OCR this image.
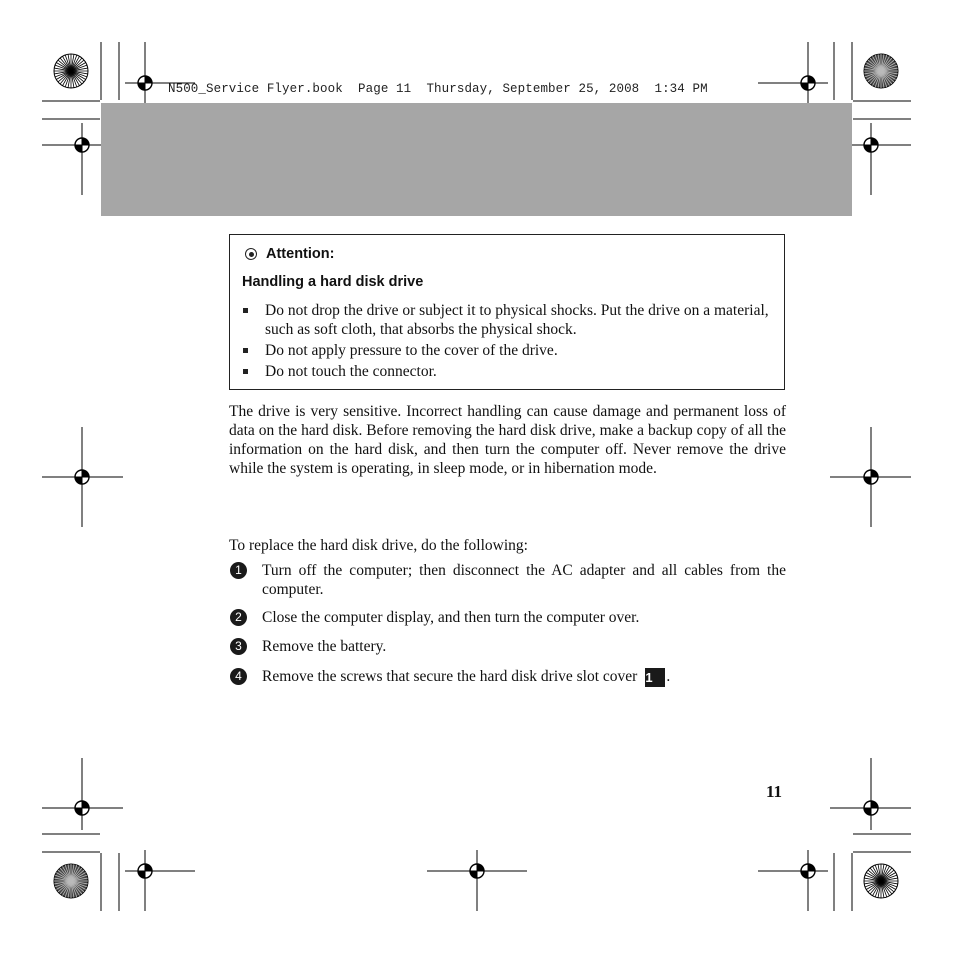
N500_Service Flyer.book  Page 11  Thursday, September 25, 2008  1:34 PM
Attention:
Handling a hard disk drive
Do not drop the drive or subject it to physical shocks. Put the drive on a material, such as soft cloth, that absorbs the physical shock.
Do not apply pressure to the cover of the drive.
Do not touch the connector.
The drive is very sensitive. Incorrect handling can cause damage and permanent loss of data on the hard disk. Before removing the hard disk drive, make a backup copy of all the information on the hard disk, and then turn the computer off. Never remove the drive while the system is operating, in sleep mode, or in hibernation mode.
To replace the hard disk drive, do the following:
1	Turn off the computer; then disconnect the AC adapter and all cables from the computer.
2	Close the computer display, and then turn the computer over.
3	Remove the battery.
4	Remove the screws that secure the hard disk drive slot cover 1 .
11
